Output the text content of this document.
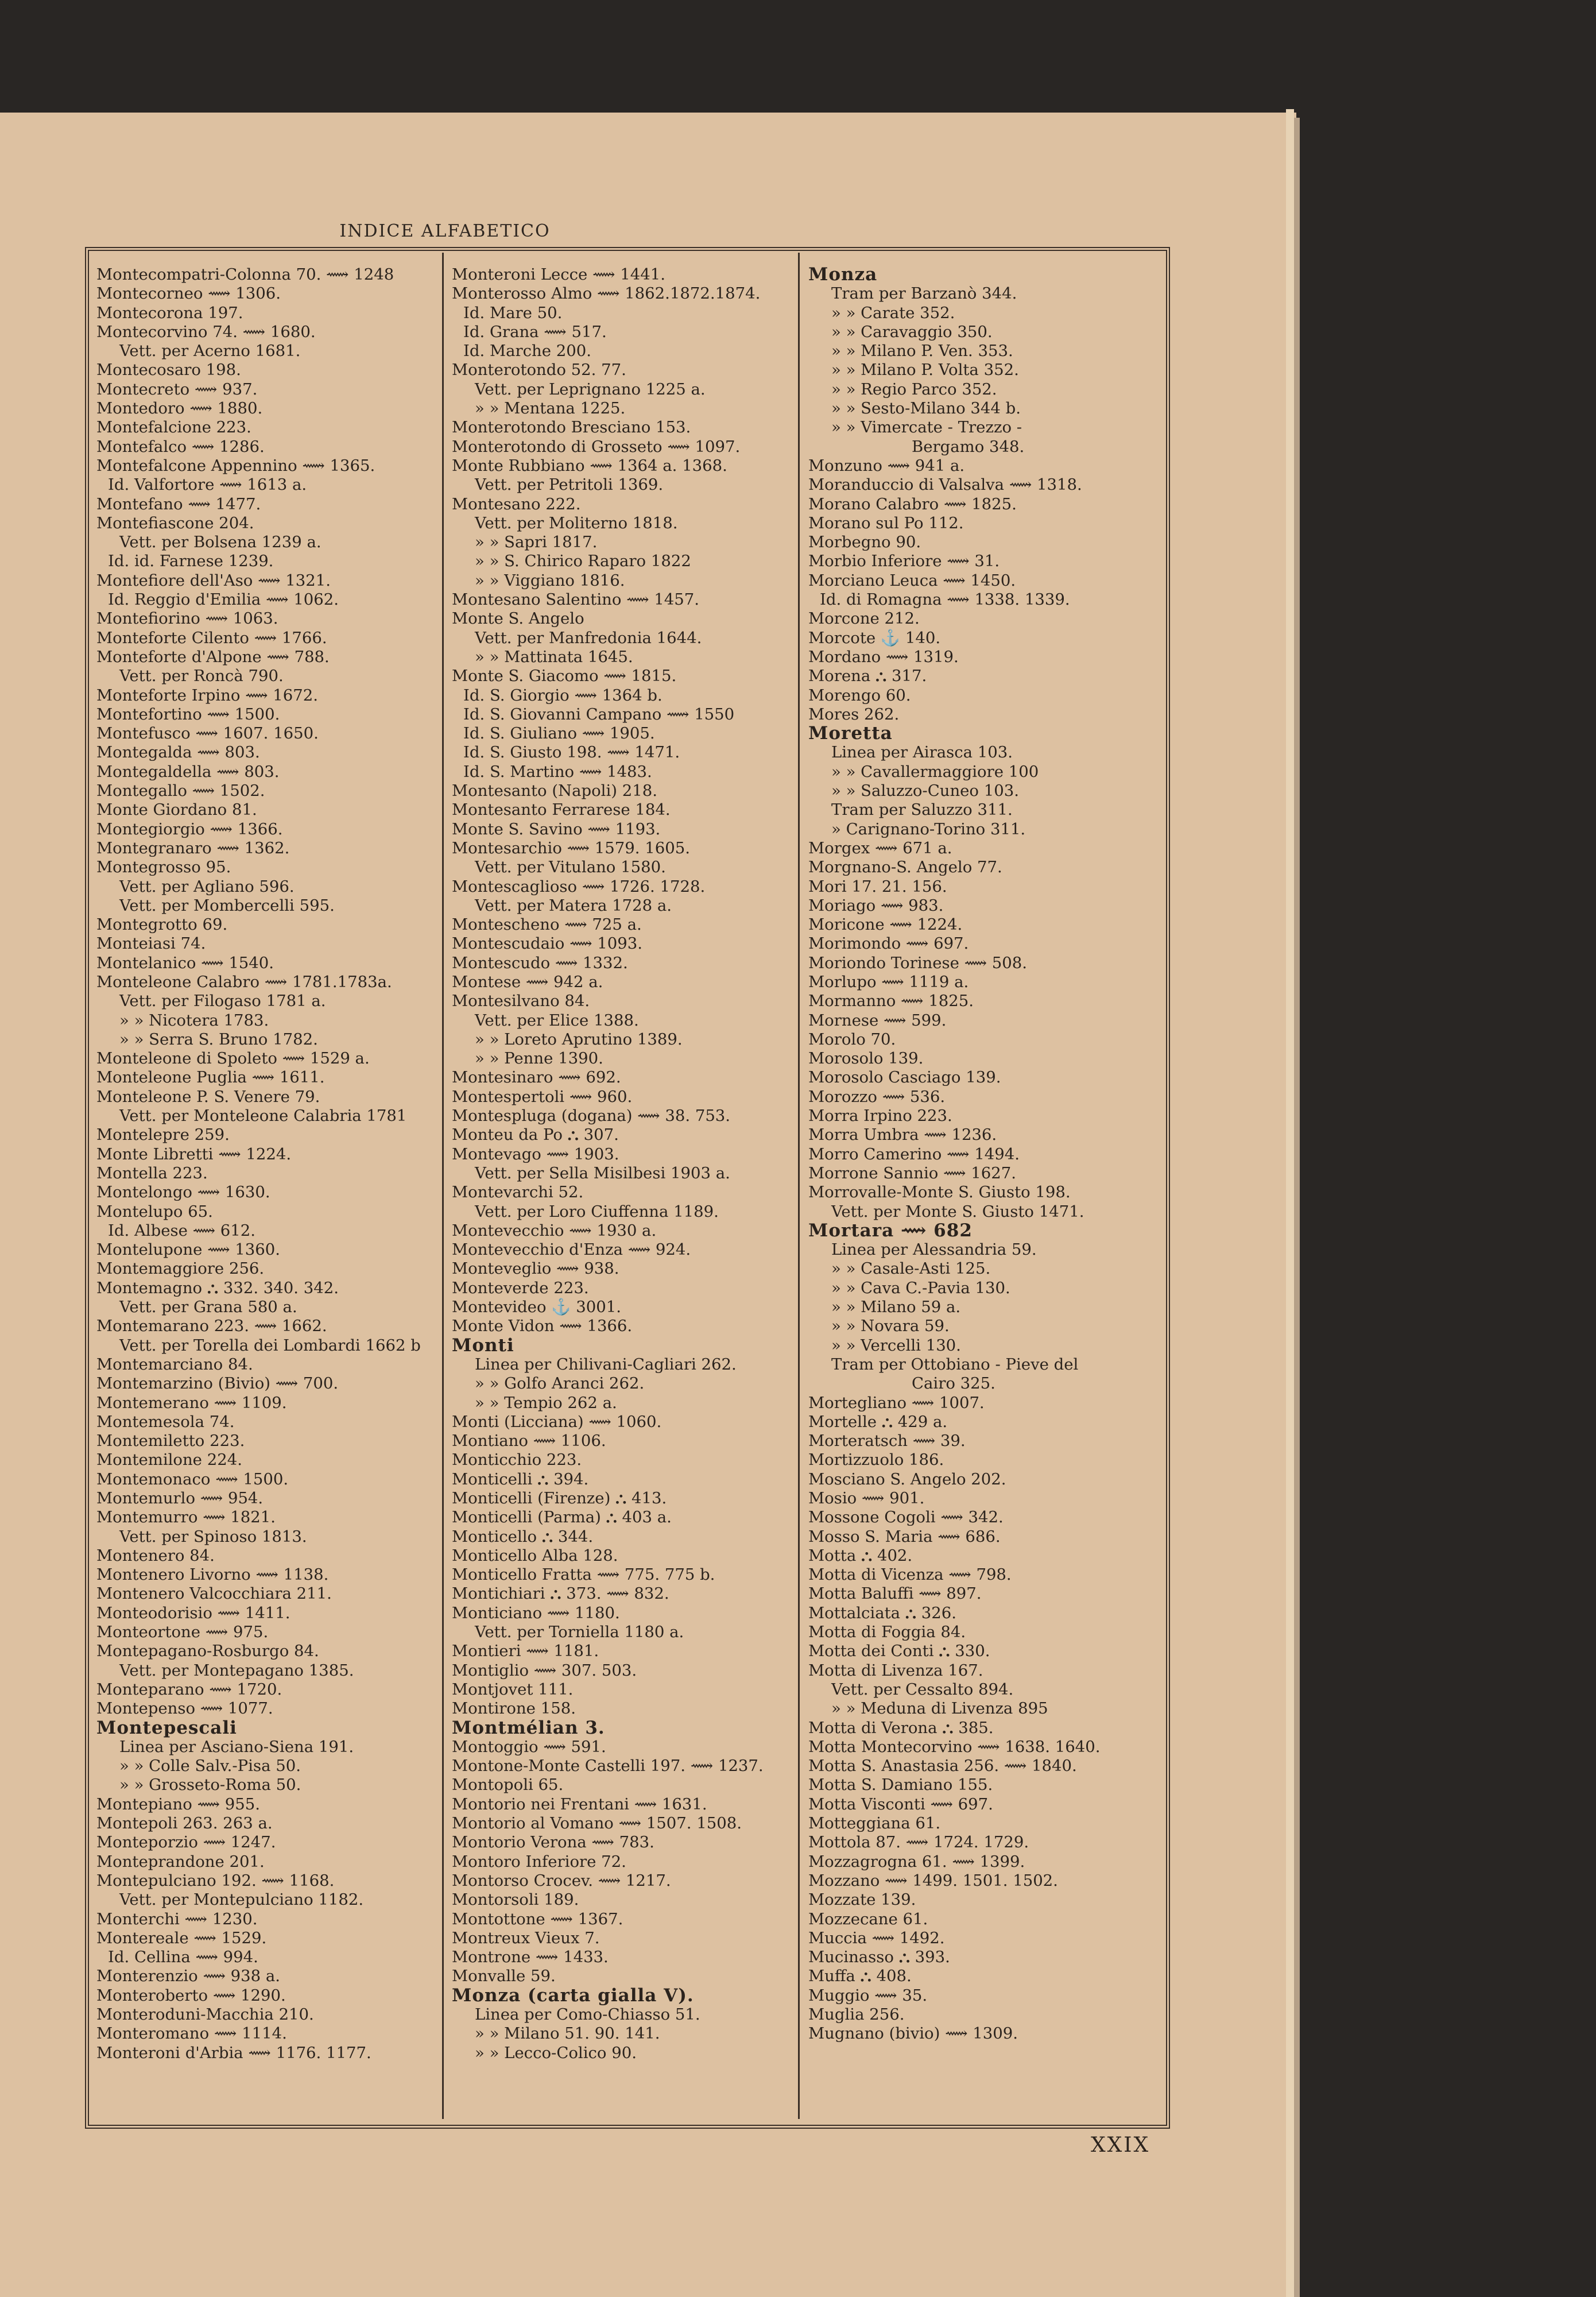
INDICE ALFABETICO
Montecompatri-Colonna 70. ⟿ 1248
Montecorneo ⟿ 1306.
Montecorona 197.
Montecorvino 74. ⟿ 1680.
Vett. per Acerno 1681.
Montecosaro 198.
Montecreto ⟿ 937.
Montedoro ⟿ 1880.
Montefalcione 223.
Montefalco ⟿ 1286.
Montefalcone Appennino ⟿ 1365.
Id. Valfortore ⟿ 1613 a.
Montefano ⟿ 1477.
Montefiascone 204.
Vett. per Bolsena 1239 a.
Id. id. Farnese 1239.
Montefiore dell'Aso ⟿ 1321.
Id. Reggio d'Emilia ⟿ 1062.
Montefiorino ⟿ 1063.
Monteforte Cilento ⟿ 1766.
Monteforte d'Alpone ⟿ 788.
Vett. per Roncà 790.
Monteforte Irpino ⟿ 1672.
Montefortino ⟿ 1500.
Montefusco ⟿ 1607. 1650.
Montegalda ⟿ 803.
Montegaldella ⟿ 803.
Montegallo ⟿ 1502.
Monte Giordano 81.
Montegiorgio ⟿ 1366.
Montegranaro ⟿ 1362.
Montegrosso 95.
Vett. per Agliano 596.
Vett. per Mombercelli 595.
Montegrotto 69.
Monteiasi 74.
Montelanico ⟿ 1540.
Monteleone Calabro ⟿ 1781.1783a.
Vett. per Filogaso 1781 a.
» » Nicotera 1783.
» » Serra S. Bruno 1782.
Monteleone di Spoleto ⟿ 1529 a.
Monteleone Puglia ⟿ 1611.
Monteleone P. S. Venere 79.
Vett. per Monteleone Calabria 1781
Montelepre 259.
Monte Libretti ⟿ 1224.
Montella 223.
Montelongo ⟿ 1630.
Montelupo 65.
Id. Albese ⟿ 612.
Montelupone ⟿ 1360.
Montemaggiore 256.
Montemagno ⛬ 332. 340. 342.
Vett. per Grana 580 a.
Montemarano 223. ⟿ 1662.
Vett. per Torella dei Lombardi 1662 b
Montemarciano 84.
Montemarzino (Bivio) ⟿ 700.
Montemerano ⟿ 1109.
Montemesola 74.
Montemiletto 223.
Montemilone 224.
Montemonaco ⟿ 1500.
Montemurlo ⟿ 954.
Montemurro ⟿ 1821.
Vett. per Spinoso 1813.
Montenero 84.
Montenero Livorno ⟿ 1138.
Montenero Valcocchiara 211.
Monteodorisio ⟿ 1411.
Monteortone ⟿ 975.
Montepagano-Rosburgo 84.
Vett. per Montepagano 1385.
Monteparano ⟿ 1720.
Montepenso ⟿ 1077.
Montepescali
Linea per Asciano-Siena 191.
» » Colle Salv.-Pisa 50.
» » Grosseto-Roma 50.
Montepiano ⟿ 955.
Montepoli 263. 263 a.
Monteporzio ⟿ 1247.
Monteprandone 201.
Montepulciano 192. ⟿ 1168.
Vett. per Montepulciano 1182.
Monterchi ⟿ 1230.
Montereale ⟿ 1529.
Id. Cellina ⟿ 994.
Monterenzio ⟿ 938 a.
Monteroberto ⟿ 1290.
Monteroduni-Macchia 210.
Monteromano ⟿ 1114.
Monteroni d'Arbia ⟿ 1176. 1177.
Monteroni Lecce ⟿ 1441.
Monterosso Almo ⟿ 1862.1872.1874.
Id. Mare 50.
Id. Grana ⟿ 517.
Id. Marche 200.
Monterotondo 52. 77.
Vett. per Leprignano 1225 a.
» » Mentana 1225.
Monterotondo Bresciano 153.
Monterotondo di Grosseto ⟿ 1097.
Monte Rubbiano ⟿ 1364 a. 1368.
Vett. per Petritoli 1369.
Montesano 222.
Vett. per Moliterno 1818.
» » Sapri 1817.
» » S. Chirico Raparo 1822
» » Viggiano 1816.
Montesano Salentino ⟿ 1457.
Monte S. Angelo
Vett. per Manfredonia 1644.
» » Mattinata 1645.
Monte S. Giacomo ⟿ 1815.
Id. S. Giorgio ⟿ 1364 b.
Id. S. Giovanni Campano ⟿ 1550
Id. S. Giuliano ⟿ 1905.
Id. S. Giusto 198. ⟿ 1471.
Id. S. Martino ⟿ 1483.
Montesanto (Napoli) 218.
Montesanto Ferrarese 184.
Monte S. Savino ⟿ 1193.
Montesarchio ⟿ 1579. 1605.
Vett. per Vitulano 1580.
Montescaglioso ⟿ 1726. 1728.
Vett. per Matera 1728 a.
Montescheno ⟿ 725 a.
Montescudaio ⟿ 1093.
Montescudo ⟿ 1332.
Montese ⟿ 942 a.
Montesilvano 84.
Vett. per Elice 1388.
» » Loreto Aprutino 1389.
» » Penne 1390.
Montesinaro ⟿ 692.
Montespertoli ⟿ 960.
Montespluga (dogana) ⟿ 38. 753.
Monteu da Po ⛬ 307.
Montevago ⟿ 1903.
Vett. per Sella Misilbesi 1903 a.
Montevarchi 52.
Vett. per Loro Ciuffenna 1189.
Montevecchio ⟿ 1930 a.
Montevecchio d'Enza ⟿ 924.
Monteveglio ⟿ 938.
Monteverde 223.
Montevideo ⚓ 3001.
Monte Vidon ⟿ 1366.
Monti
Linea per Chilivani-Cagliari 262.
» » Golfo Aranci 262.
» » Tempio 262 a.
Monti (Licciana) ⟿ 1060.
Montiano ⟿ 1106.
Monticchio 223.
Monticelli ⛬ 394.
Monticelli (Firenze) ⛬ 413.
Monticelli (Parma) ⛬ 403 a.
Monticello ⛬ 344.
Monticello Alba 128.
Monticello Fratta ⟿ 775. 775 b.
Montichiari ⛬ 373. ⟿ 832.
Monticiano ⟿ 1180.
Vett. per Torniella 1180 a.
Montieri ⟿ 1181.
Montiglio ⟿ 307. 503.
Montjovet 111.
Montirone 158.
Montmélian 3.
Montoggio ⟿ 591.
Montone-Monte Castelli 197. ⟿ 1237.
Montopoli 65.
Montorio nei Frentani ⟿ 1631.
Montorio al Vomano ⟿ 1507. 1508.
Montorio Verona ⟿ 783.
Montoro Inferiore 72.
Montorso Crocev. ⟿ 1217.
Montorsoli 189.
Montottone ⟿ 1367.
Montreux Vieux 7.
Montrone ⟿ 1433.
Monvalle 59.
Monza (carta gialla V).
Linea per Como-Chiasso 51.
» » Milano 51. 90. 141.
» » Lecco-Colico 90.
Monza
Tram per Barzanò 344.
» » Carate 352.
» » Caravaggio 350.
» » Milano P. Ven. 353.
» » Milano P. Volta 352.
» » Regio Parco 352.
» » Sesto-Milano 344 b.
» » Vimercate - Trezzo -
Bergamo 348.
Monzuno ⟿ 941 a.
Moranduccio di Valsalva ⟿ 1318.
Morano Calabro ⟿ 1825.
Morano sul Po 112.
Morbegno 90.
Morbio Inferiore ⟿ 31.
Morciano Leuca ⟿ 1450.
Id. di Romagna ⟿ 1338. 1339.
Morcone 212.
Morcote ⚓ 140.
Mordano ⟿ 1319.
Morena ⛬ 317.
Morengo 60.
Mores 262.
Moretta
Linea per Airasca 103.
» » Cavallermaggiore 100
» » Saluzzo-Cuneo 103.
Tram per Saluzzo 311.
» Carignano-Torino 311.
Morgex ⟿ 671 a.
Morgnano-S. Angelo 77.
Mori 17. 21. 156.
Moriago ⟿ 983.
Moricone ⟿ 1224.
Morimondo ⟿ 697.
Moriondo Torinese ⟿ 508.
Morlupo ⟿ 1119 a.
Mormanno ⟿ 1825.
Mornese ⟿ 599.
Morolo 70.
Morosolo 139.
Morosolo Casciago 139.
Morozzo ⟿ 536.
Morra Irpino 223.
Morra Umbra ⟿ 1236.
Morro Camerino ⟿ 1494.
Morrone Sannio ⟿ 1627.
Morrovalle-Monte S. Giusto 198.
Vett. per Monte S. Giusto 1471.
Mortara ⟿ 682
Linea per Alessandria 59.
» » Casale-Asti 125.
» » Cava C.-Pavia 130.
» » Milano 59 a.
» » Novara 59.
» » Vercelli 130.
Tram per Ottobiano - Pieve del
Cairo 325.
Mortegliano ⟿ 1007.
Mortelle ⛬ 429 a.
Morteratsch ⟿ 39.
Mortizzuolo 186.
Mosciano S. Angelo 202.
Mosio ⟿ 901.
Mossone Cogoli ⟿ 342.
Mosso S. Maria ⟿ 686.
Motta ⛬ 402.
Motta di Vicenza ⟿ 798.
Motta Baluffi ⟿ 897.
Mottalciata ⛬ 326.
Motta di Foggia 84.
Motta dei Conti ⛬ 330.
Motta di Livenza 167.
Vett. per Cessalto 894.
» » Meduna di Livenza 895
Motta di Verona ⛬ 385.
Motta Montecorvino ⟿ 1638. 1640.
Motta S. Anastasia 256. ⟿ 1840.
Motta S. Damiano 155.
Motta Visconti ⟿ 697.
Motteggiana 61.
Mottola 87. ⟿ 1724. 1729.
Mozzagrogna 61. ⟿ 1399.
Mozzano ⟿ 1499. 1501. 1502.
Mozzate 139.
Mozzecane 61.
Muccia ⟿ 1492.
Mucinasso ⛬ 393.
Muffa ⛬ 408.
Muggio ⟿ 35.
Muglia 256.
Mugnano (bivio) ⟿ 1309.
XXIX
